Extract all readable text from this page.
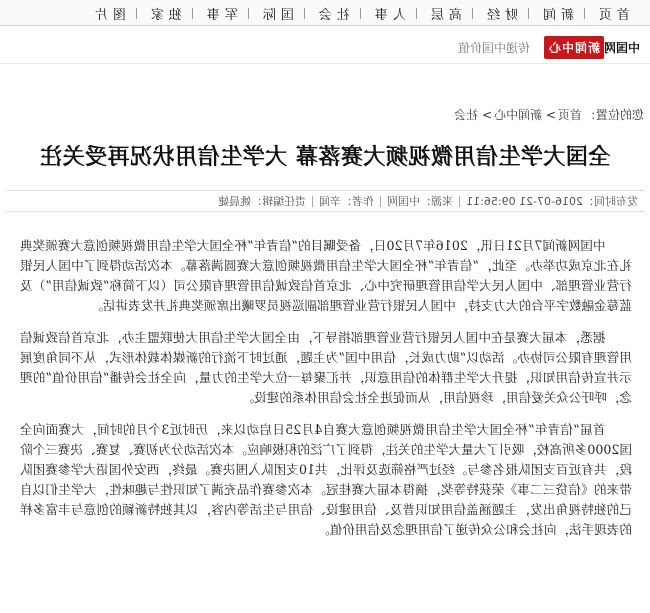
首页
新闻
财经
高层
人事
社会
国际
军事
独家
图片
中国网
新闻中心
传递中国价值
您的位置：
首页
> 新闻中心
> 社会
全国大学生信用微视频大赛落幕 大学生信用状况再受关注
发布时间：2016-07-21 09:56:11
来源：中国网
作者：辛闻
责任编辑：姚晨婕

中国网新闻7月21日讯，2016年7月20日，备受瞩目的“信青年”杯全国大学生信用微视频创意大赛颁奖典礼在北京成功举办。至此，“信青年”杯全国大学生信用微视频创意大赛圆满落幕。本次活动得到了中国人民银行营业管理部、中国人民大学信用管理研究中心、北京首信致诚信用管理有限公司（以下简称“致诚信用”）及蓝莓金融数字平台的大力支持，中国人民银行营业管理部副巡视员罗曦出席颁奖典礼并发表讲话。

据悉，本届大赛是在中国人民银行营业管理部指导下，由全国大学生信用大使联盟主办，北京首信致诚信用管理有限公司协办。活动以“助力成长，信用中国”为主题，通过时下流行的新媒体载体形式，从不同角度展示并宣传信用知识，提升大学生群体的信用意识，并汇聚每一位大学生的力量，向全社会传播“信用价值”的理念，呼吁公众关爱信用，珍视信用，从而促进全社会信用体系的建设。

首届“信青年”杯全国大学生信用微视频创意大赛自4月25日启动以来，历时近3个月的时间，大赛面向全国2000多所高校，吸引了大量大学生的关注，得到了广泛的积极响应。本次活动分为初赛、复赛、决赛三个阶段，共有近百支团队报名参与。经过严格筛选及评比，共10支团队入围决赛。最终，西安外国语大学参赛团队带来的《信贷三二事》荣获特等奖，摘得本届大赛桂冠。本次参赛作品充满了知识性与趣味性，大学生们以自己的独特视角出发，主题涵盖信用知识普及、信用建设、信用与生活等内容，以其独特新颖的创意与丰富多样的表现手法，向社会和公众传递了信用理念及信用价值。
